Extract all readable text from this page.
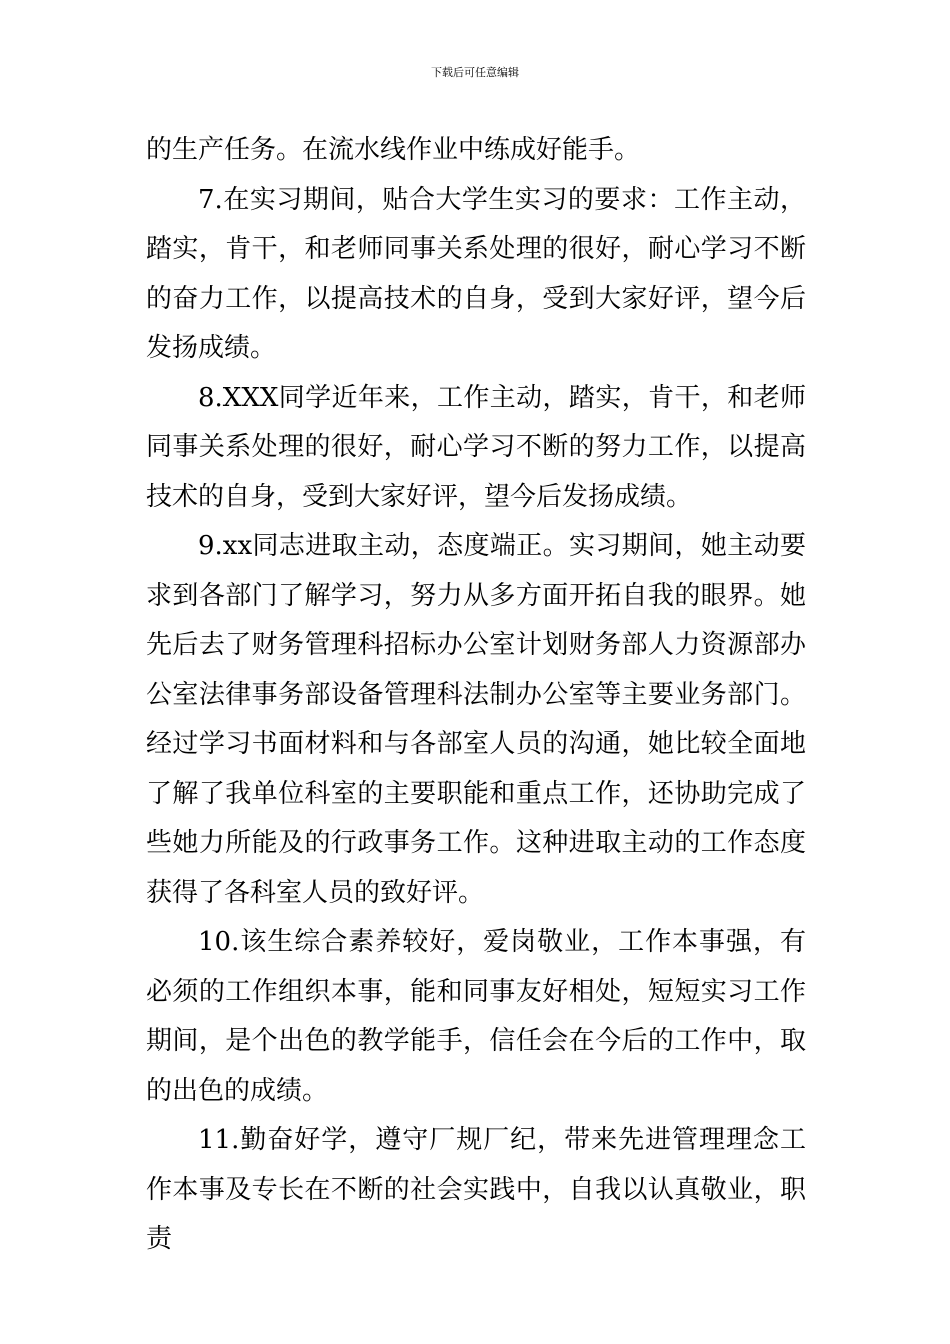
下载后可任意编辑

的生产任务。在流水线作业中练成好能手。

7.在实习期间，贴合大学生实习的要求：工作主动，踏实，肯干，和老师同事关系处理的很好，耐心学习不断的奋力工作，以提高技术的自身，受到大家好评，望今后发扬成绩。

8.XXX同学近年来，工作主动，踏实，肯干，和老师同事关系处理的很好，耐心学习不断的努力工作，以提高技术的自身，受到大家好评，望今后发扬成绩。

9.xx同志进取主动，态度端正。实习期间，她主动要求到各部门了解学习，努力从多方面开拓自我的眼界。她先后去了财务管理科招标办公室计划财务部人力资源部办公室法律事务部设备管理科法制办公室等主要业务部门。经过学习书面材料和与各部室人员的沟通，她比较全面地了解了我单位科室的主要职能和重点工作，还协助完成了些她力所能及的行政事务工作。这种进取主动的工作态度获得了各科室人员的致好评。

10.该生综合素养较好，爱岗敬业，工作本事强，有必须的工作组织本事，能和同事友好相处，短短实习工作期间，是个出色的教学能手，信任会在今后的工作中，取的出色的成绩。

11.勤奋好学，遵守厂规厂纪，带来先进管理理念工作本事及专长在不断的社会实践中，自我以认真敬业，职责
